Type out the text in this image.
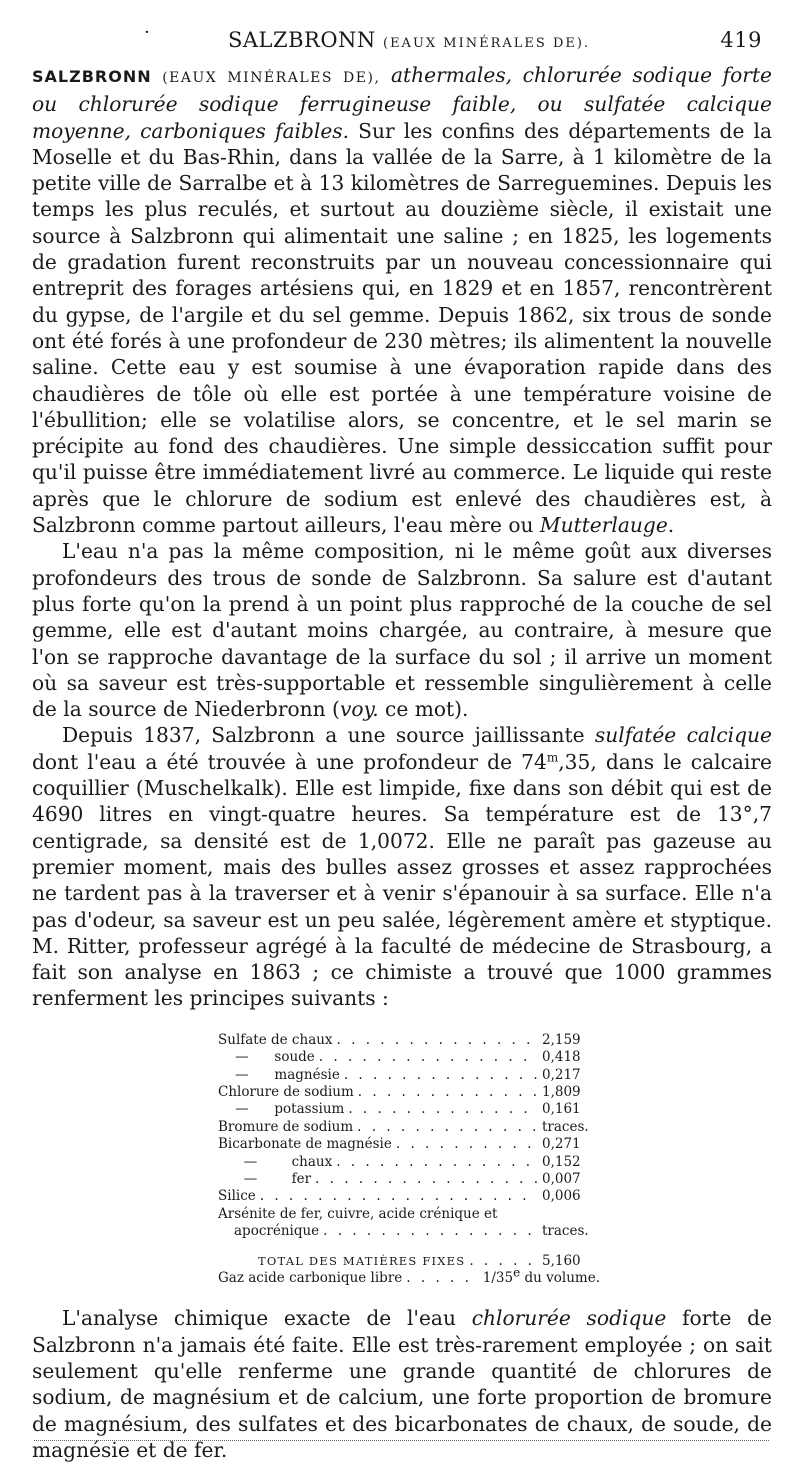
·	SALZBRONN (EAUX MINÉRALES DE).	419

SALZBRONN (EAUX MINÉRALES DE), athermales, chlorurée sodique forte ou chlorurée sodique ferrugineuse faible, ou sulfatée calcique moyenne, carboniques faibles. Sur les confins des départements de la Moselle et du Bas-Rhin, dans la vallée de la Sarre, à 1 kilomètre de la petite ville de Sarralbe et à 13 kilomètres de Sarreguemines. Depuis les temps les plus reculés, et surtout au douzième siècle, il existait une source à Salzbronn qui alimentait une saline ; en 1825, les logements de gradation furent reconstruits par un nouveau concessionnaire qui entreprit des forages artésiens qui, en 1829 et en 1857, rencontrèrent du gypse, de l'argile et du sel gemme. Depuis 1862, six trous de sonde ont été forés à une profondeur de 230 mètres; ils alimentent la nouvelle saline. Cette eau y est soumise à une évaporation rapide dans des chaudières de tôle où elle est portée à une température voisine de l'ébullition; elle se volatilise alors, se concentre, et le sel marin se précipite au fond des chaudières. Une simple dessiccation suffit pour qu'il puisse être immédiatement livré au commerce. Le liquide qui reste après que le chlorure de sodium est enlevé des chaudières est, à Salzbronn comme partout ailleurs, l'eau mère ou Mutterlauge.

L'eau n'a pas la même composition, ni le même goût aux diverses profondeurs des trous de sonde de Salzbronn. Sa salure est d'autant plus forte qu'on la prend à un point plus rapproché de la couche de sel gemme, elle est d'autant moins chargée, au contraire, à mesure que l'on se rapproche davantage de la surface du sol ; il arrive un moment où sa saveur est très-supportable et ressemble singulièrement à celle de la source de Niederbronn (voy. ce mot).

Depuis 1837, Salzbronn a une source jaillissante sulfatée calcique dont l'eau a été trouvée à une profondeur de 74$^m$,35, dans le calcaire coquillier (Muschelkalk). Elle est limpide, fixe dans son débit qui est de 4690 litres en vingt-quatre heures. Sa température est de 13°,7 centigrade, sa densité est de 1,0072. Elle ne paraît pas gazeuse au premier moment, mais des bulles assez grosses et assez rapprochées ne tardent pas à la traverser et à venir s'épanouir à sa surface. Elle n'a pas d'odeur, sa saveur est un peu salée, légèrement amère et styptique. M. Ritter, professeur agrégé à la faculté de médecine de Strasbourg, a fait son analyse en 1863 ; ce chimiste a trouvé que 1000 grammes renferment les principes suivants :

Sulfate de chaux . . .	2,159
—      soude . . .	0,418
—      magnésie . . .	0,217
Chlorure de sodium . . .	1,809
—      potassium . . .	0,161
Bromure de sodium . . .	traces.
Bicarbonate de magnésie . . .	0,271
—        chaux . . .	0,152
—        fer . . .	0,007
Silice . . .	0,006
Arsénite de fer, cuivre, acide crénique et
apocrénique . . .	traces.
TOTAL DES MATIÈRES FIXES . . .	5,160
Gaz acide carbonique libre . . .	1/35e du volume.

L'analyse chimique exacte de l'eau chlorurée sodique forte de Salzbronn n'a jamais été faite. Elle est très-rarement employée ; on sait seulement qu'elle renferme une grande quantité de chlorures de sodium, de magnésium et de calcium, une forte proportion de bromure de magnésium, des sulfates et des bicarbonates de chaux, de soude, de magnésie et de fer.
